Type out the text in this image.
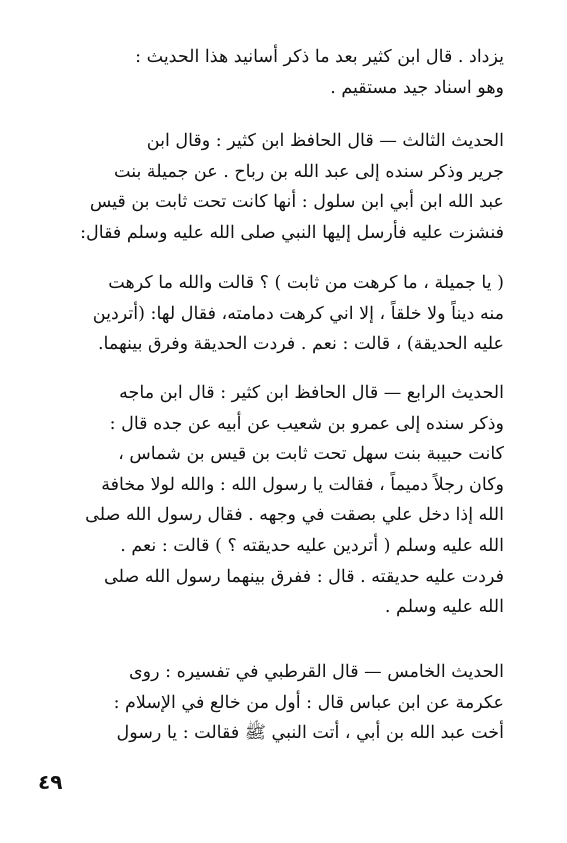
يزداد . قال ابن كثير بعد ما ذكر أسانيد هذا الحديث :
وهو اسناد جيد مستقيم .
الحديث الثالث — قال الحافظ ابن كثير : وقال ابن
جرير وذكر سنده إلى عبد الله بن رباح . عن جميلة بنت
عبد الله ابن أبي ابن سلول : أنها كانت تحت ثابت بن قيس
فنشزت عليه فأرسل إليها النبي صلى الله عليه وسلم فقال:
( يا جميلة ، ما كرهت من ثابت ) ؟ قالت والله ما كرهت
منه ديناً ولا خلقاً ، إلا اني كرهت دمامته، فقال لها: (أتردين
عليه الحديقة) ، قالت : نعم . فردت الحديقة وفرق بينهما.
الحديث الرابع — قال الحافظ ابن كثير : قال ابن ماجه
وذكر سنده إلى عمرو بن شعيب عن أبيه عن جده قال :
كانت حبيبة بنت سهل تحت ثابت بن قيس بن شماس ،
وكان رجلاً دميماً ، فقالت يا رسول الله : والله لولا مخافة
الله إذا دخل علي بصقت في وجهه . فقال رسول الله صلى
الله عليه وسلم ( أتردين عليه حديقته ؟ ) قالت : نعم .
فردت عليه حديقته . قال : ففرق بينهما رسول الله صلى
الله عليه وسلم .
الحديث الخامس — قال القرطبي في تفسيره : روى
عكرمة عن ابن عباس قال : أول من خالع في الإسلام :
أخت عبد الله بن أبي ، أتت النبي ﷺ فقالت : يا رسول
٤٩
